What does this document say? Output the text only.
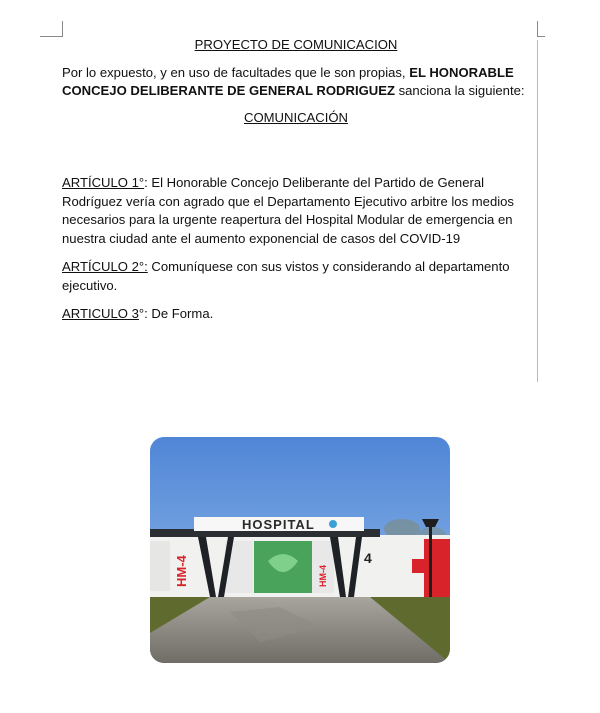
PROYECTO DE COMUNICACION

Por lo expuesto, y en uso de facultades que le son propias, EL HONORABLE CONCEJO DELIBERANTE DE GENERAL RODRIGUEZ sanciona la siguiente:

COMUNICACIÓN

ARTÍCULO 1°: El Honorable Concejo Deliberante del Partido de General Rodríguez vería con agrado que el Departamento Ejecutivo arbitre los medios necesarios para la urgente reapertura del Hospital Modular de emergencia en nuestra ciudad ante el aumento exponencial de casos del COVID-19

ARTÍCULO 2°: Comuníquese con sus vistos y considerando al departamento ejecutivo.

ARTICULO 3°: De Forma.

HOSPITAL
HM-4	HM-4
4
